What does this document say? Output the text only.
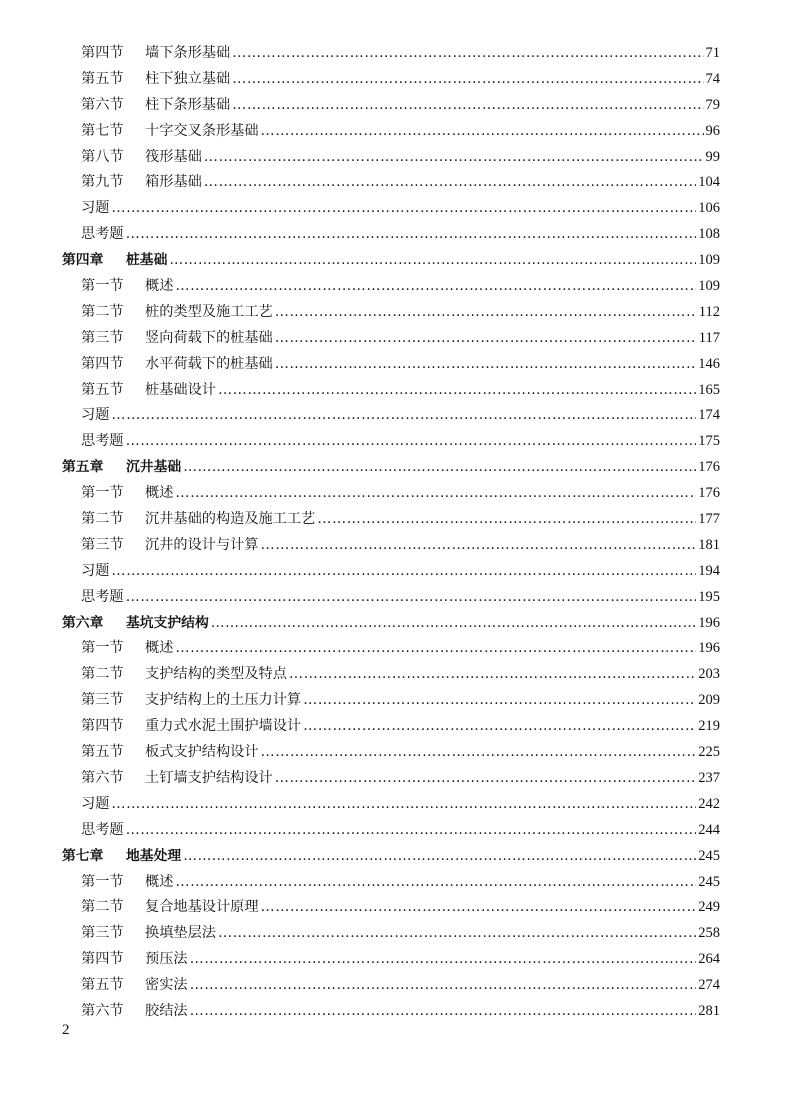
第四节 墙下条形基础 …………………………………………………………………………………………………………………………………………………………………………………………………………………………………………	71
第五节 柱下独立基础 …………………………………………………………………………………………………………………………………………………………………………………………………………………………………………	74
第六节 柱下条形基础 …………………………………………………………………………………………………………………………………………………………………………………………………………………………………………	79
第七节 十字交叉条形基础 …………………………………………………………………………………………………………………………………………………………………………………………………………………………………………	96
第八节 筏形基础 …………………………………………………………………………………………………………………………………………………………………………………………………………………………………………	99
第九节 箱形基础 …………………………………………………………………………………………………………………………………………………………………………………………………………………………………………	104
习题 …………………………………………………………………………………………………………………………………………………………………………………………………………………………………………	106
思考题 …………………………………………………………………………………………………………………………………………………………………………………………………………………………………………	108
第四章 桩基础 …………………………………………………………………………………………………………………………………………………………………………………………………………………………………………	109
第一节 概述 …………………………………………………………………………………………………………………………………………………………………………………………………………………………………………	109
第二节 桩的类型及施工工艺 …………………………………………………………………………………………………………………………………………………………………………………………………………………………………………	112
第三节 竖向荷载下的桩基础 …………………………………………………………………………………………………………………………………………………………………………………………………………………………………………	117
第四节 水平荷载下的桩基础 …………………………………………………………………………………………………………………………………………………………………………………………………………………………………………	146
第五节 桩基础设计 …………………………………………………………………………………………………………………………………………………………………………………………………………………………………………	165
习题 …………………………………………………………………………………………………………………………………………………………………………………………………………………………………………	174
思考题 …………………………………………………………………………………………………………………………………………………………………………………………………………………………………………	175
第五章 沉井基础 …………………………………………………………………………………………………………………………………………………………………………………………………………………………………………	176
第一节 概述 …………………………………………………………………………………………………………………………………………………………………………………………………………………………………………	176
第二节 沉井基础的构造及施工工艺 …………………………………………………………………………………………………………………………………………………………………………………………………………………………………………	177
第三节 沉井的设计与计算 …………………………………………………………………………………………………………………………………………………………………………………………………………………………………………	181
习题 …………………………………………………………………………………………………………………………………………………………………………………………………………………………………………	194
思考题 …………………………………………………………………………………………………………………………………………………………………………………………………………………………………………	195
第六章 基坑支护结构 …………………………………………………………………………………………………………………………………………………………………………………………………………………………………………	196
第一节 概述 …………………………………………………………………………………………………………………………………………………………………………………………………………………………………………	196
第二节 支护结构的类型及特点 …………………………………………………………………………………………………………………………………………………………………………………………………………………………………………	203
第三节 支护结构上的土压力计算 …………………………………………………………………………………………………………………………………………………………………………………………………………………………………………	209
第四节 重力式水泥土围护墙设计 …………………………………………………………………………………………………………………………………………………………………………………………………………………………………………	219
第五节 板式支护结构设计 …………………………………………………………………………………………………………………………………………………………………………………………………………………………………………	225
第六节 土钉墙支护结构设计 …………………………………………………………………………………………………………………………………………………………………………………………………………………………………………	237
习题 …………………………………………………………………………………………………………………………………………………………………………………………………………………………………………	242
思考题 …………………………………………………………………………………………………………………………………………………………………………………………………………………………………………	244
第七章 地基处理 …………………………………………………………………………………………………………………………………………………………………………………………………………………………………………	245
第一节 概述 …………………………………………………………………………………………………………………………………………………………………………………………………………………………………………	245
第二节 复合地基设计原理 …………………………………………………………………………………………………………………………………………………………………………………………………………………………………………	249
第三节 换填垫层法 …………………………………………………………………………………………………………………………………………………………………………………………………………………………………………	258
第四节 预压法 …………………………………………………………………………………………………………………………………………………………………………………………………………………………………………	264
第五节 密实法 …………………………………………………………………………………………………………………………………………………………………………………………………………………………………………	274
第六节 胶结法 …………………………………………………………………………………………………………………………………………………………………………………………………………………………………………	281
2
